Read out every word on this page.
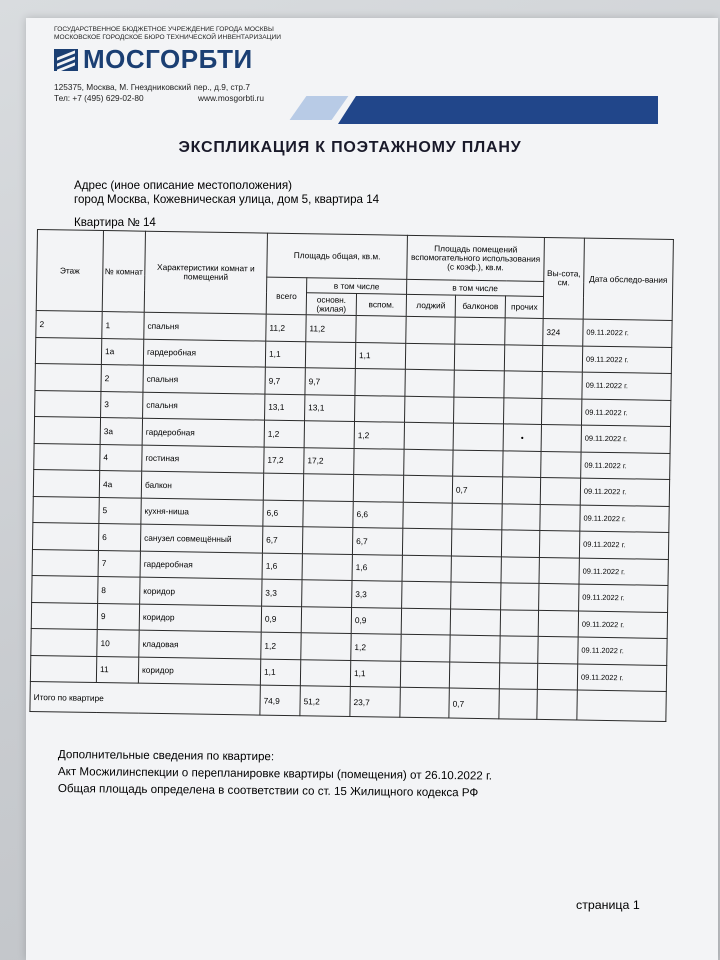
ГОСУДАРСТВЕННОЕ БЮДЖЕТНОЕ УЧРЕЖДЕНИЕ ГОРОДА МОСКВЫ
МОСКОВСКОЕ ГОРОДСКОЕ БЮРО ТЕХНИЧЕСКОЙ ИНВЕНТАРИЗАЦИИ
МОСГОРБТИ
125375, Москва, М. Гнездниковский пер., д.9, стр.7
Тел: +7 (495) 629-02-80	www.mosgorbti.ru
ЭКСПЛИКАЦИЯ К ПОЭТАЖНОМУ ПЛАНУ
Адрес (иное описание местоположения)
город Москва, Кожевническая улица, дом 5, квартира 14
Квартира № 14
Этаж	№ комнат	Характеристики комнат и помещений	Площадь общая, кв.м.			Площадь помещений вспомогательного использования (с коэф.), кв.м.			Вы-сота, см.	Дата обследо-вания
			всего	в том числе		в том числе				
				основн. (жилая)	вспом.	лоджий	балконов	прочих		
2	1	спальня	11,2	11,2					324	09.11.2022 г.
	1а	гардеробная	1,1		1,1					09.11.2022 г.
	2	спальня	9,7	9,7						09.11.2022 г.
	3	спальня	13,1	13,1						09.11.2022 г.
	3а	гардеробная	1,2		1,2			•		09.11.2022 г.
	4	гостиная	17,2	17,2						09.11.2022 г.
	4а	балкон					0,7			09.11.2022 г.
	5	кухня-ниша	6,6		6,6					09.11.2022 г.
	6	санузел совмещённый	6,7		6,7					09.11.2022 г.
	7	гардеробная	1,6		1,6					09.11.2022 г.
	8	коридор	3,3		3,3					09.11.2022 г.
	9	коридор	0,9		0,9					09.11.2022 г.
	10	кладовая	1,2		1,2					09.11.2022 г.
	11	коридор	1,1		1,1					09.11.2022 г.
Итого по квартире			74,9	51,2	23,7		0,7			
Дополнительные сведения по квартире:
Акт Мосжилинспекции о перепланировке квартиры (помещения) от 26.10.2022 г.
Общая площадь определена в соответствии со ст. 15 Жилищного кодекса РФ
страница 1
